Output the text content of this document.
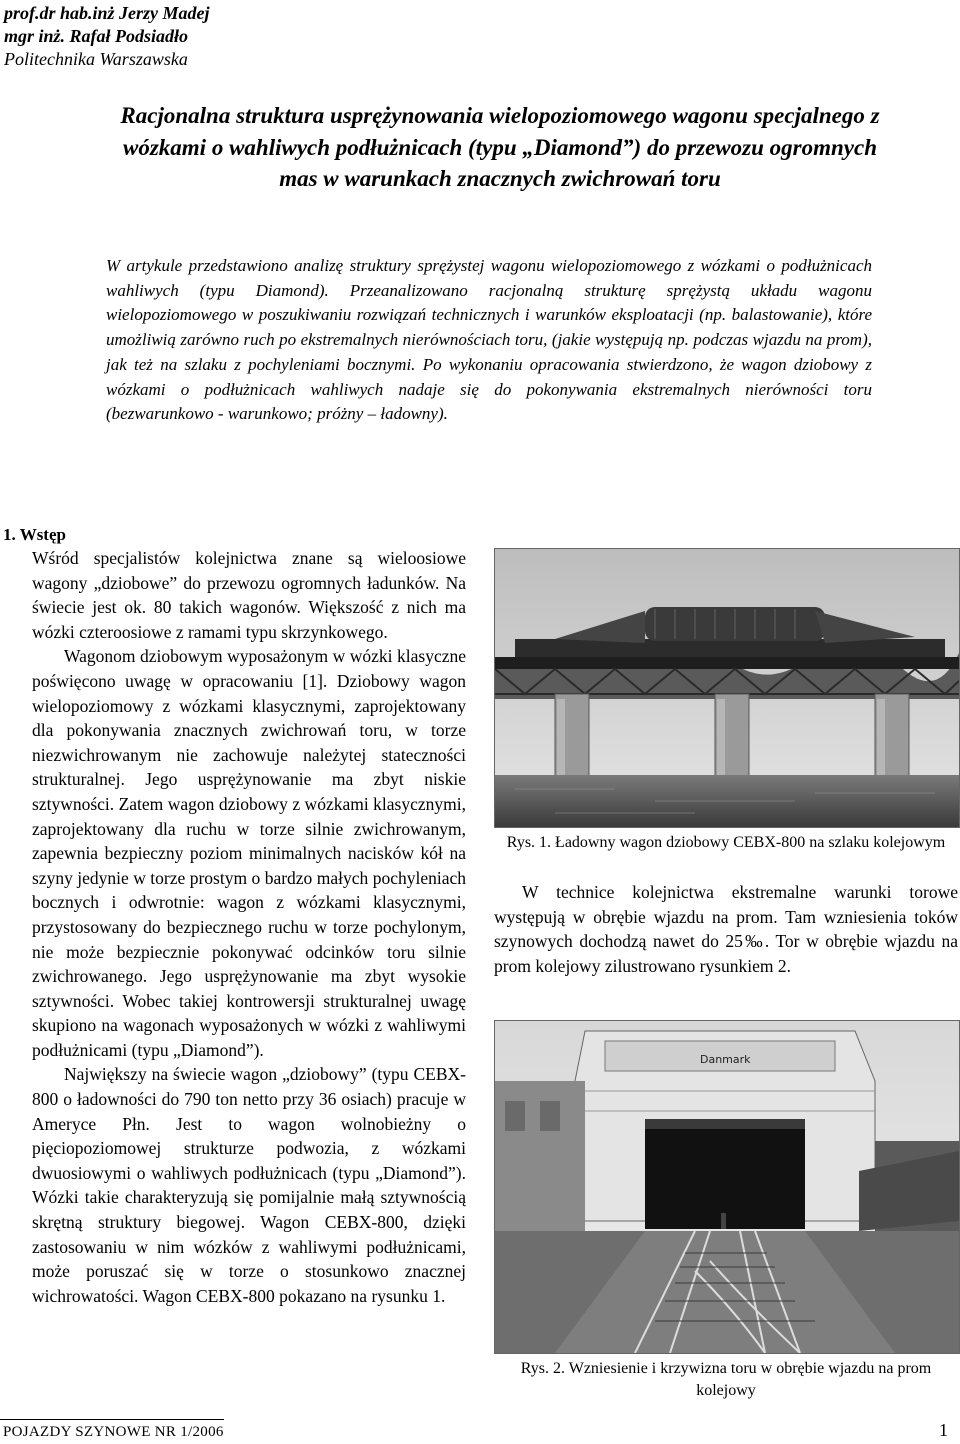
prof.dr hab.inż Jerzy Madej
mgr inż. Rafał Podsiadło
Politechnika Warszawska
Racjonalna struktura usprężynowania wielopoziomowego wagonu specjalnego z wózkami o wahliwych podłużnicach (typu „Diamond”) do przewozu ogromnych mas w warunkach znacznych zwichrowań toru
W artykule przedstawiono analizę struktury sprężystej wagonu wielopoziomowego z wózkami o podłużnicach wahliwych (typu Diamond). Przeanalizowano racjonalną strukturę sprężystą układu wagonu wielopoziomowego w poszukiwaniu rozwiązań technicznych i warunków eksploatacji (np. balastowanie), które umożliwią zarówno ruch po ekstremalnych nierównościach toru, (jakie występują np. podczas wjazdu na prom), jak też na szlaku z pochyleniami bocznymi. Po wykonaniu opracowania stwierdzono, że wagon dziobowy z wózkami o podłużnicach wahliwych nadaje się do pokonywania ekstremalnych nierówności toru (bezwarunkowo - warunkowo; próżny – ładowny).
1. Wstęp

Wśród specjalistów kolejnictwa znane są wieloosiowe wagony „dziobowe” do przewozu ogromnych ładunków. Na świecie jest ok. 80 takich wagonów. Większość z nich ma wózki czteroosiowe z ramami typu skrzynkowego.

Wagonom dziobowym wyposażonym w wózki klasyczne poświęcono uwagę w opracowaniu [1]. Dziobowy wagon wielopoziomowy z wózkami klasycznymi, zaprojektowany dla pokonywania znacznych zwichrowań toru, w torze niezwichrowanym nie zachowuje należytej stateczności strukturalnej. Jego usprężynowanie ma zbyt niskie sztywności. Zatem wagon dziobowy z wózkami klasycznymi, zaprojektowany dla ruchu w torze silnie zwichrowanym, zapewnia bezpieczny poziom minimalnych nacisków kół na szyny jedynie w torze prostym o bardzo małych pochyleniach bocznych i odwrotnie: wagon z wózkami klasycznymi, przystosowany do bezpiecznego ruchu w torze pochylonym, nie może bezpiecznie pokonywać odcinków toru silnie zwichrowanego. Jego usprężynowanie ma zbyt wysokie sztywności. Wobec takiej kontrowersji strukturalnej uwagę skupiono na wagonach wyposażonych w wózki z wahliwymi podłużnicami (typu „Diamond”).

Największy na świecie wagon „dziobowy” (typu CEBX-800 o ładowności do 790 ton netto przy 36 osiach) pracuje w Ameryce Płn. Jest to wagon wolnobieżny o pięciopoziomowej strukturze podwozia, z wózkami dwuosiowymi o wahliwych podłużnicach (typu „Diamond”). Wózki takie charakteryzują się pomijalnie małą sztywnością skrętną struktury biegowej. Wagon CEBX-800, dzięki zastosowaniu w nim wózków z wahliwymi podłużnicami, może poruszać się w torze o stosunkowo znacznej wichrowatości. Wagon CEBX-800 pokazano na rysunku 1.

Rys. 1. Ładowny wagon dziobowy CEBX-800 na szlaku kolejowym
W technice kolejnictwa ekstremalne warunki torowe występują w obrębie wjazdu na prom. Tam wzniesienia toków szynowych dochodzą nawet do 25‰. Tor w obrębie wjazdu na prom kolejowy zilustrowano rysunkiem 2.
Danmark
Rys. 2. Wzniesienie i krzywizna toru w obrębie wjazdu na prom kolejowy
POJAZDY SZYNOWE NR 1/2006	1
